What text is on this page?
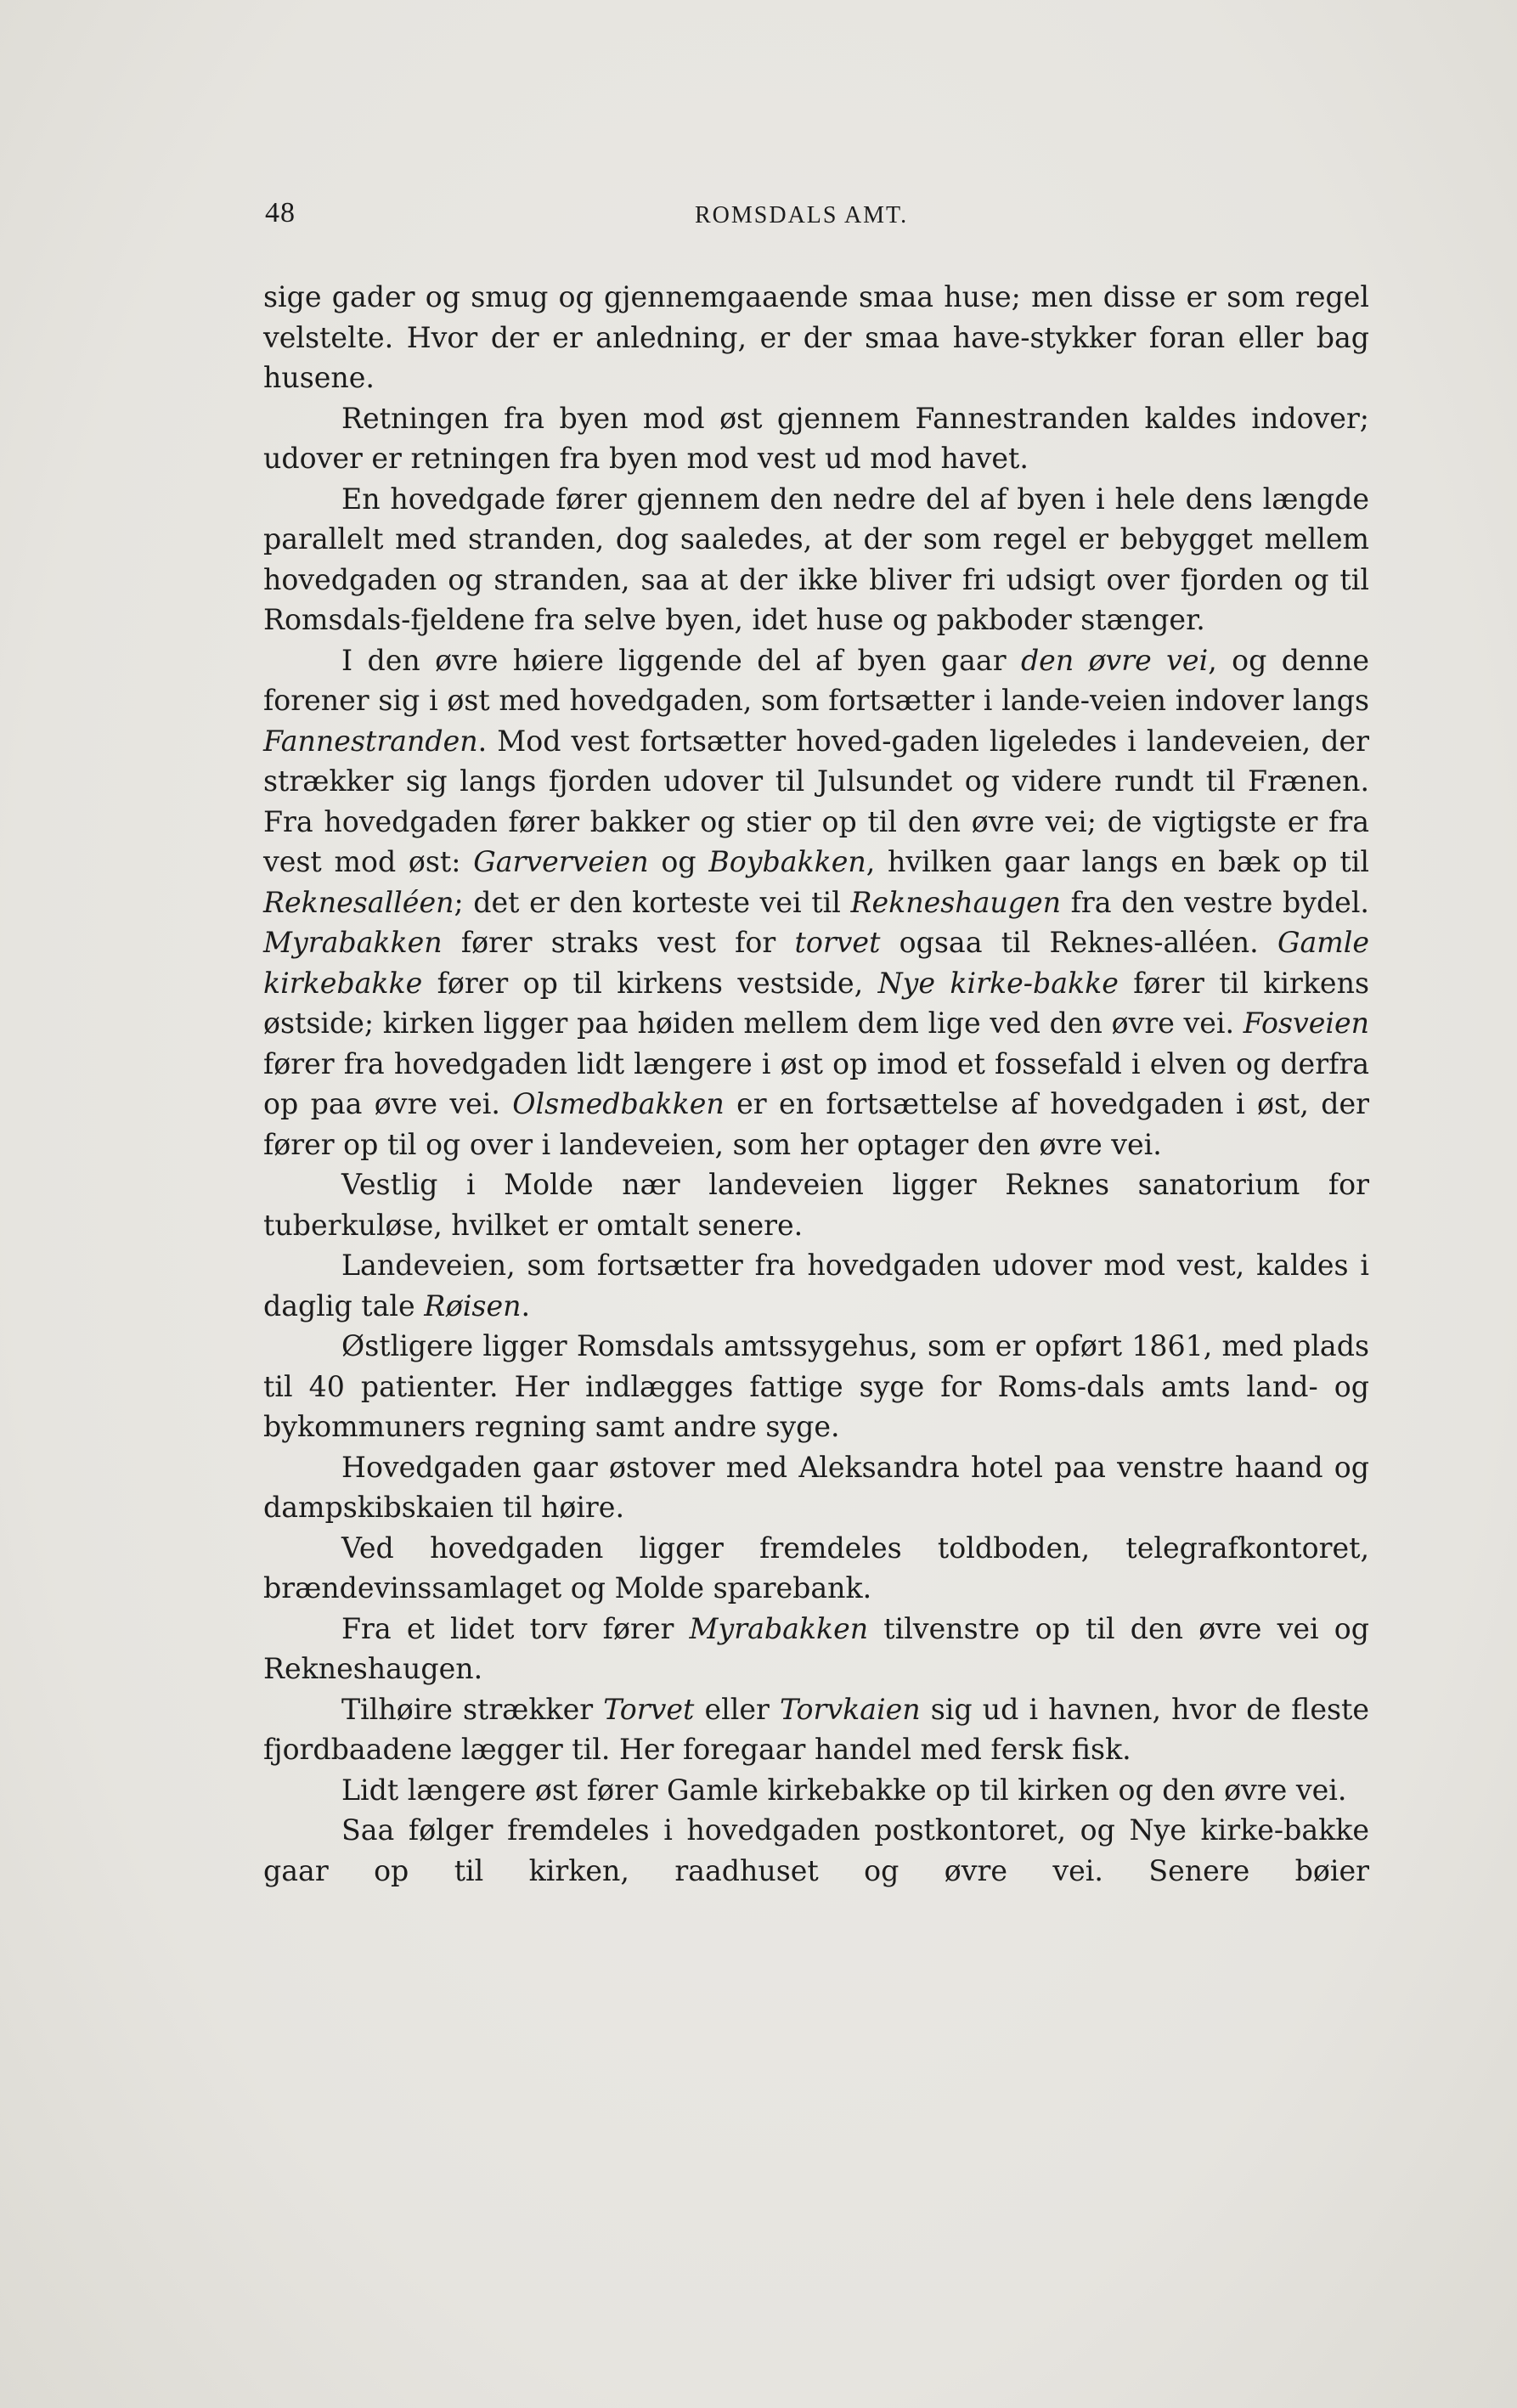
48	ROMSDALS AMT.

sige gader og smug og gjennemgaaende smaa huse; men disse er som regel velstelte. Hvor der er anledning, er der smaa have-stykker foran eller bag husene.

Retningen fra byen mod øst gjennem Fannestranden kaldes indover; udover er retningen fra byen mod vest ud mod havet.

En hovedgade fører gjennem den nedre del af byen i hele dens længde parallelt med stranden, dog saaledes, at der som regel er bebygget mellem hovedgaden og stranden, saa at der ikke bliver fri udsigt over fjorden og til Romsdals-fjeldene fra selve byen, idet huse og pakboder stænger.

I den øvre høiere liggende del af byen gaar den øvre vei, og denne forener sig i øst med hovedgaden, som fortsætter i lande-veien indover langs Fannestranden. Mod vest fortsætter hoved-gaden ligeledes i landeveien, der strækker sig langs fjorden udover til Julsundet og videre rundt til Frænen. Fra hovedgaden fører bakker og stier op til den øvre vei; de vigtigste er fra vest mod øst: Garverveien og Boybakken, hvilken gaar langs en bæk op til Reknesalléen; det er den korteste vei til Rekneshaugen fra den vestre bydel. Myrabakken fører straks vest for torvet ogsaa til Reknes-alléen. Gamle kirkebakke fører op til kirkens vestside, Nye kirke-bakke fører til kirkens østside; kirken ligger paa høiden mellem dem lige ved den øvre vei. Fosveien fører fra hovedgaden lidt længere i øst op imod et fossefald i elven og derfra op paa øvre vei. Olsmedbakken er en fortsættelse af hovedgaden i øst, der fører op til og over i landeveien, som her optager den øvre vei.

Vestlig i Molde nær landeveien ligger Reknes sanatorium for tuberkuløse, hvilket er omtalt senere.

Landeveien, som fortsætter fra hovedgaden udover mod vest, kaldes i daglig tale Røisen.

Østligere ligger Romsdals amtssygehus, som er opført 1861, med plads til 40 patienter. Her indlægges fattige syge for Roms-dals amts land- og bykommuners regning samt andre syge.

Hovedgaden gaar østover med Aleksandra hotel paa venstre haand og dampskibskaien til høire.

Ved hovedgaden ligger fremdeles toldboden, telegrafkontoret, brændevinssamlaget og Molde sparebank.

Fra et lidet torv fører Myrabakken tilvenstre op til den øvre vei og Rekneshaugen.

Tilhøire strækker Torvet eller Torvkaien sig ud i havnen, hvor de fleste fjordbaadene lægger til. Her foregaar handel med fersk fisk.

Lidt længere øst fører Gamle kirkebakke op til kirken og den øvre vei.

Saa følger fremdeles i hovedgaden postkontoret, og Nye kirke-bakke gaar op til kirken, raadhuset og øvre vei. Senere bøier
